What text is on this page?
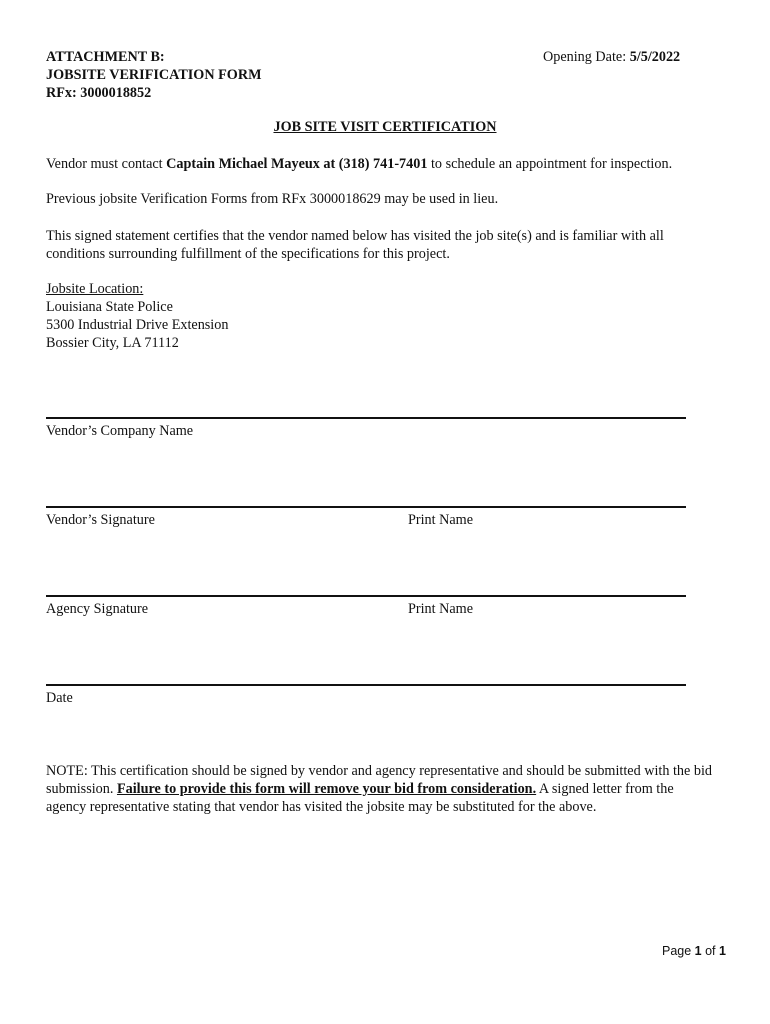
ATTACHMENT B:
JOBSITE VERIFICATION FORM
RFx: 3000018852
Opening Date: 5/5/2022
JOB SITE VISIT CERTIFICATION

Vendor must contact Captain Michael Mayeux at (318) 741-7401 to schedule an appointment for inspection.

Previous jobsite Verification Forms from RFx 3000018629 may be used in lieu.

This signed statement certifies that the vendor named below has visited the job site(s) and is familiar with all conditions surrounding fulfillment of the specifications for this project.

Jobsite Location:
Louisiana State Police
5300 Industrial Drive Extension
Bossier City, LA 71112
Vendor’s Company Name
Vendor’s Signature	Print Name
Agency Signature	Print Name
Date

NOTE: This certification should be signed by vendor and agency representative and should be submitted with the bid submission. Failure to provide this form will remove your bid from consideration. A signed letter from the agency representative stating that vendor has visited the jobsite may be substituted for the above.

Page 1 of 1
